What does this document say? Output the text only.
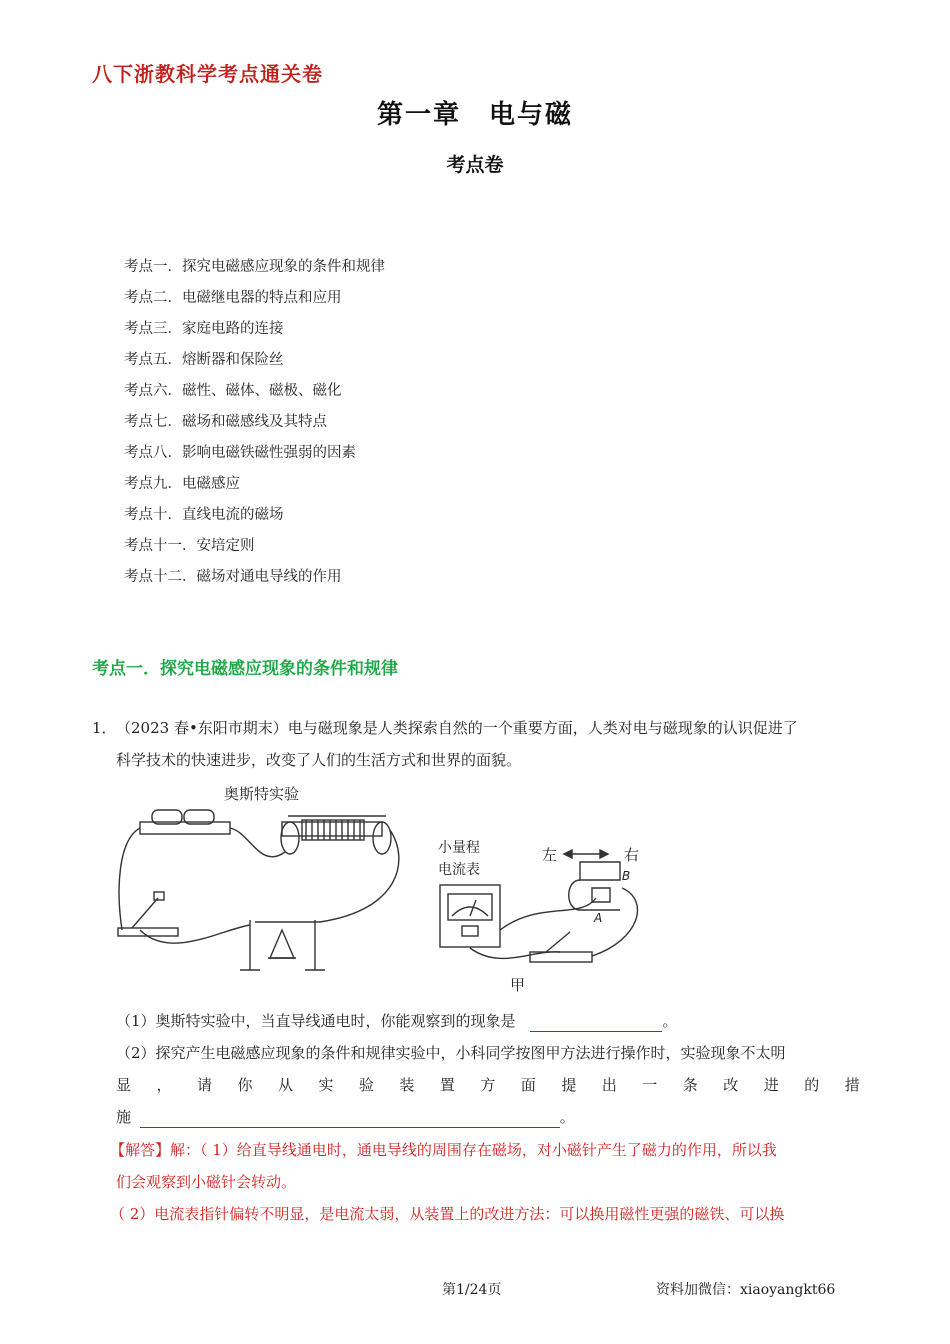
八下浙教科学考点通关卷
第一章　电与磁
考点卷
考点一．探究电磁感应现象的条件和规律
考点二．电磁继电器的特点和应用
考点三．家庭电路的连接
考点五．熔断器和保险丝
考点六．磁性、磁体、磁极、磁化
考点七．磁场和磁感线及其特点
考点八．影响电磁铁磁性强弱的因素
考点九．电磁感应
考点十．直线电流的磁场
考点十一．安培定则
考点十二．磁场对通电导线的作用
考点一．探究电磁感应现象的条件和规律
1． （2023 春•东阳市期末）电与磁现象是人类探索自然的一个重要方面，人类对电与磁现象的认识促进了
科学技术的快速进步，改变了人们的生活方式和世界的面貌。
奥斯特实验
小量程
电流表
左	右
B
A
甲
（1）奥斯特实验中，当直导线通电时，你能观察到的现象是	。
（2）探究产生电磁感应现象的条件和规律实验中，小科同学按图甲方法进行操作时，实验现象不太明
显 ， 请 你 从 实 验 装 置 方 面 提 出 一 条 改 进 的 措
施	。
【解答】解：（ 1）给直导线通电时，通电导线的周围存在磁场，对小磁针产生了磁力的作用，所以我
们会观察到小磁针会转动。
（ 2）电流表指针偏转不明显，是电流太弱，从装置上的改进方法：可以换用磁性更强的磁铁、可以换
第1/24页	资料加微信：xiaoyangkt66
